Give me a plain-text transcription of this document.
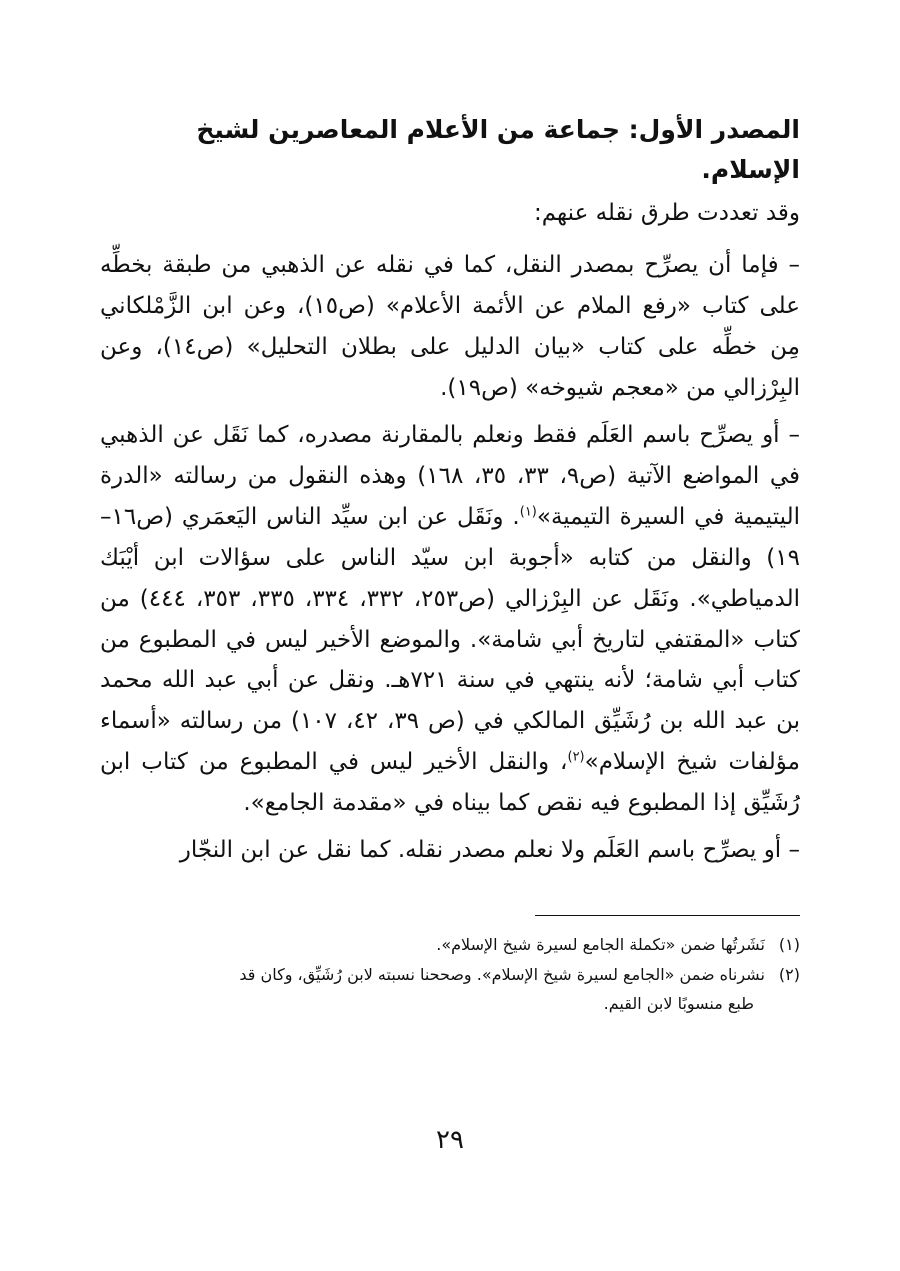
المصدر الأول: جماعة من الأعلام المعاصرين لشيخ الإسلام.

وقد تعددت طرق نقله عنهم:

– فإما أن يصرِّح بمصدر النقل، كما في نقله عن الذهبي من طبقة بخطِّه على كتاب «رفع الملام عن الأئمة الأعلام» (ص١٥)، وعن ابن الزَّمْلكاني مِن خطِّه على كتاب «بيان الدليل على بطلان التحليل» (ص١٤)، وعن البِرْزالي من «معجم شيوخه» (ص١٩).

– أو يصرِّح باسم العَلَم فقط ونعلم بالمقارنة مصدره، كما نَقَل عن الذهبي في المواضع الآتية (ص٩، ٣٣، ٣٥، ١٦٨) وهذه النقول من رسالته «الدرة اليتيمية في السيرة التيمية»$^{(١)}$. ونَقَل عن ابن سيِّد الناس اليَعمَري (ص١٦–١٩) والنقل من كتابه «أجوبة ابن سيّد الناس على سؤالات ابن أيْبَك الدمياطي». ونَقَل عن البِرْزالي (ص٢٥٣، ٣٣٢، ٣٣٤، ٣٣٥، ٣٥٣، ٤٤٤) من كتاب «المقتفي لتاريخ أبي شامة». والموضع الأخير ليس في المطبوع من كتاب أبي شامة؛ لأنه ينتهي في سنة ٧٢١هـ. ونقل عن أبي عبد الله محمد بن عبد الله بن رُشَيِّق المالكي في (ص ٣٩، ٤٢، ١٠٧) من رسالته «أسماء مؤلفات شيخ الإسلام»$^{(٢)}$، والنقل الأخير ليس في المطبوع من كتاب ابن رُشَيِّق إذا المطبوع فيه نقص كما بيناه في «مقدمة الجامع».

– أو يصرِّح باسم العَلَم ولا نعلم مصدر نقله. كما نقل عن ابن النجّار

(١) نَشَرتُها ضمن «تكملة الجامع لسيرة شيخ الإسلام».

(٢) نشرناه ضمن «الجامع لسيرة شيخ الإسلام». وصححنا نسبته لابن رُشَيِّق، وكان قد

طبع منسوبًا لابن القيم.

٢٩
